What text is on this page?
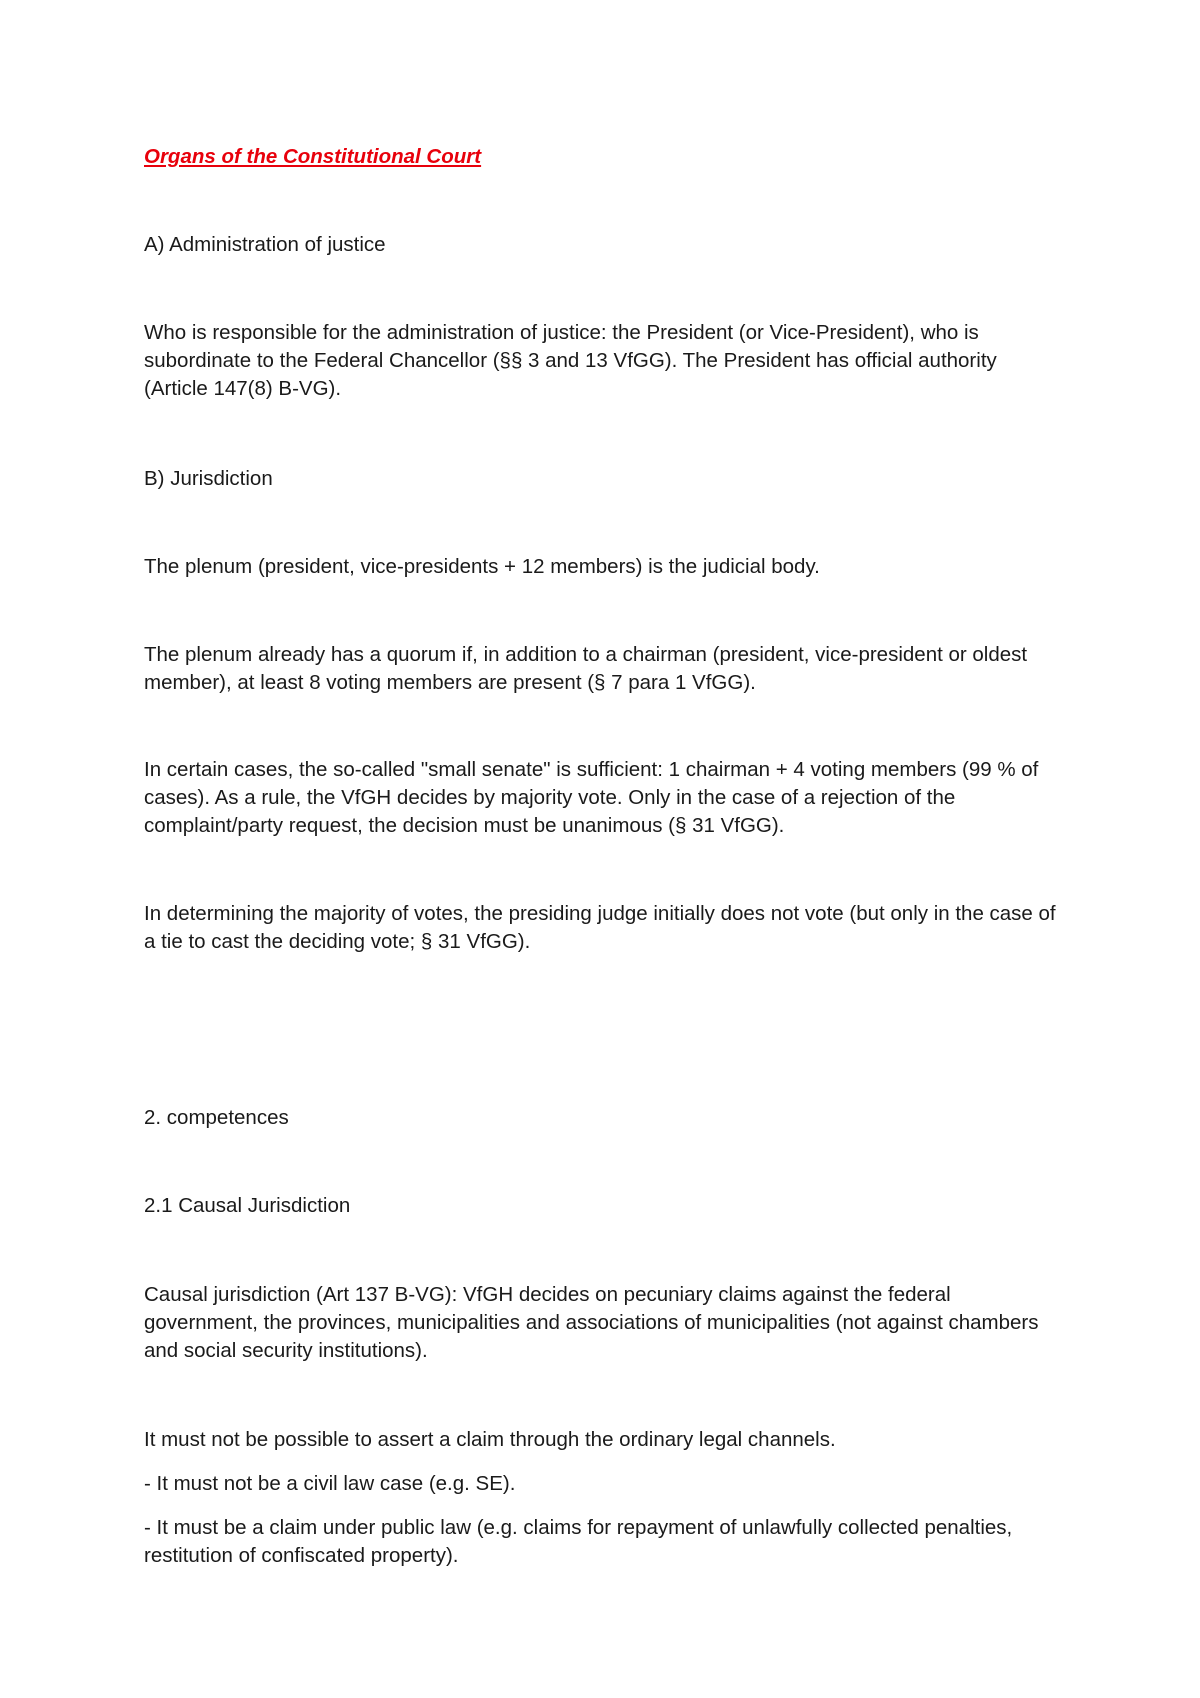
Organs of the Constitutional Court

A) Administration of justice

Who is responsible for the administration of justice: the President (or Vice-President), who is subordinate to the Federal Chancellor (§§ 3 and 13 VfGG). The President has official authority (Article 147(8) B-VG).

B) Jurisdiction

The plenum (president, vice-presidents + 12 members) is the judicial body.

The plenum already has a quorum if, in addition to a chairman (president, vice-president or oldest member), at least 8 voting members are present (§ 7 para 1 VfGG).

In certain cases, the so-called "small senate" is sufficient: 1 chairman + 4 voting members (99 % of cases). As a rule, the VfGH decides by majority vote. Only in the case of a rejection of the complaint/party request, the decision must be unanimous (§ 31 VfGG).

In determining the majority of votes, the presiding judge initially does not vote (but only in the case of a tie to cast the deciding vote; § 31 VfGG).

2. competences

2.1 Causal Jurisdiction

Causal jurisdiction (Art 137 B-VG): VfGH decides on pecuniary claims against the federal government, the provinces, municipalities and associations of municipalities (not against chambers and social security institutions).

It must not be possible to assert a claim through the ordinary legal channels.

- It must not be a civil law case (e.g. SE).

- It must be a claim under public law (e.g. claims for repayment of unlawfully collected penalties, restitution of confiscated property).
